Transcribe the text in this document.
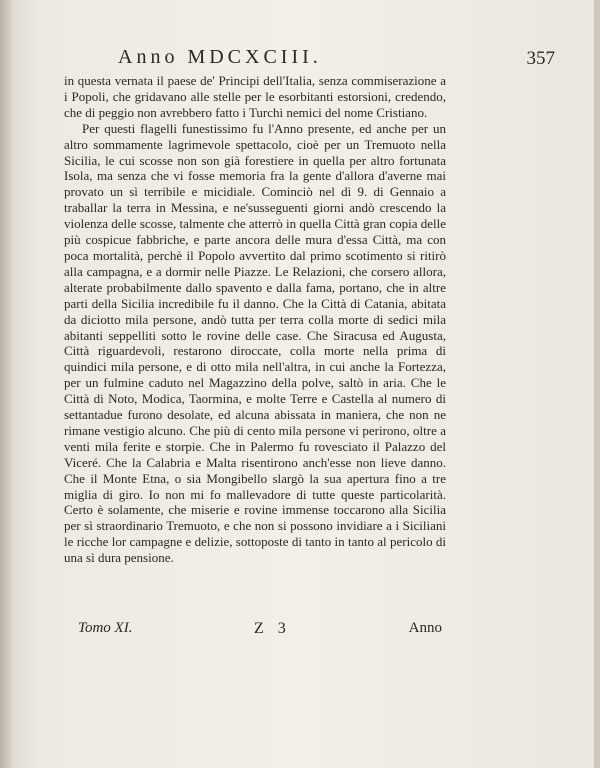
Anno MDCXCIII.	357

in questa vernata il paese de' Principi dell'Italia, senza commiserazione a i Popoli, che gridavano alle stelle per le esorbitanti estorsioni, credendo, che di peggio non avrebbero fatto i Turchi nemici del nome Cristiano.

Per questi flagelli funestissimo fu l'Anno presente, ed anche per un altro sommamente lagrimevole spettacolo, cioè per un Tremuoto nella Sicilia, le cui scosse non son già forestiere in quella per altro fortunata Isola, ma senza che vi fosse memoria fra la gente d'allora d'averne mai provato un sì terribile e micidiale. Cominciò nel dì 9. di Gennaio a traballar la terra in Messina, e ne'susseguenti giorni andò crescendo la violenza delle scosse, talmente che atterrò in quella Città gran copia delle più cospicue fabbriche, e parte ancora delle mura d'essa Città, ma con poca mortalità, perchè il Popolo avvertito dal primo scotimento si ritirò alla campagna, e a dormir nelle Piazze. Le Relazioni, che corsero allora, alterate probabilmente dallo spavento e dalla fama, portano, che in altre parti della Sicilia incredibile fu il danno. Che la Città di Catania, abitata da diciotto mila persone, andò tutta per terra colla morte di sedici mila abitanti seppelliti sotto le rovine delle case. Che Siracusa ed Augusta, Città riguardevoli, restarono diroccate, colla morte nella prima di quindici mila persone, e di otto mila nell'altra, in cui anche la Fortezza, per un fulmine caduto nel Magazzino della polve, saltò in aria. Che le Città di Noto, Modica, Taormina, e molte Terre e Castella al numero di settantadue furono desolate, ed alcuna abissata in maniera, che non ne rimane vestigio alcuno. Che più di cento mila persone vi perirono, oltre a venti mila ferite e storpie. Che in Palermo fu rovesciato il Palazzo del Viceré. Che la Calabria e Malta risentirono anch'esse non lieve danno. Che il Monte Etna, o sia Mongibello slargò la sua apertura fino a tre miglia di giro. Io non mi fo mallevadore di tutte queste particolarità. Certo è solamente, che miserie e rovine immense toccarono alla Sicilia per sì straordinario Tremuoto, e che non si possono invidiare a i Siciliani le ricche lor campagne e delizie, sottoposte di tanto in tanto al pericolo di una sì dura pensione.

Tomo XI.	Z 3	Anno
